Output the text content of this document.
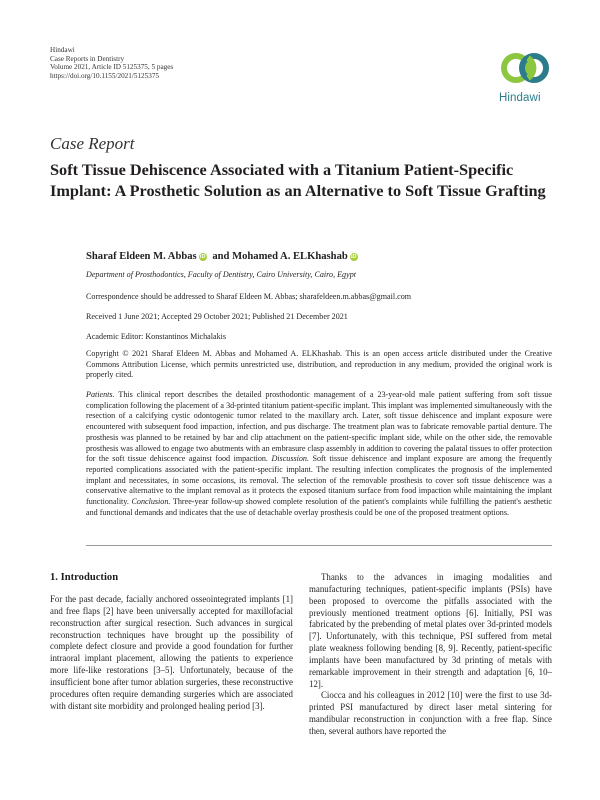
Hindawi
Case Reports in Dentistry
Volume 2021, Article ID 5125375, 5 pages
https://doi.org/10.1155/2021/5125375
Hindawi
Case Report
Soft Tissue Dehiscence Associated with a Titanium Patient-Specific Implant: A Prosthetic Solution as an Alternative to Soft Tissue Grafting
Sharaf Eldeen M. Abbas iD and Mohamed A. ELKhashab iD
Department of Prosthodontics, Faculty of Dentistry, Cairo University, Cairo, Egypt
Correspondence should be addressed to Sharaf Eldeen M. Abbas; sharafeldeen.m.abbas@gmail.com
Received 1 June 2021; Accepted 29 October 2021; Published 21 December 2021
Academic Editor: Konstantinos Michalakis
Copyright © 2021 Sharaf Eldeen M. Abbas and Mohamed A. ELKhashab. This is an open access article distributed under the Creative Commons Attribution License, which permits unrestricted use, distribution, and reproduction in any medium, provided the original work is properly cited.
Patients. This clinical report describes the detailed prosthodontic management of a 23-year-old male patient suffering from soft tissue complication following the placement of a 3d-printed titanium patient-specific implant. This implant was implemented simultaneously with the resection of a calcifying cystic odontogenic tumor related to the maxillary arch. Later, soft tissue dehiscence and implant exposure were encountered with subsequent food impaction, infection, and pus discharge. The treatment plan was to fabricate removable partial denture. The prosthesis was planned to be retained by bar and clip attachment on the patient-specific implant side, while on the other side, the removable prosthesis was allowed to engage two abutments with an embrasure clasp assembly in addition to covering the palatal tissues to offer protection for the soft tissue dehiscence against food impaction. Discussion. Soft tissue dehiscence and implant exposure are among the frequently reported complications associated with the patient-specific implant. The resulting infection complicates the prognosis of the implemented implant and necessitates, in some occasions, its removal. The selection of the removable prosthesis to cover soft tissue dehiscence was a conservative alternative to the implant removal as it protects the exposed titanium surface from food impaction while maintaining the implant functionality. Conclusion. Three-year follow-up showed complete resolution of the patient's complaints while fulfilling the patient's aesthetic and functional demands and indicates that the use of detachable overlay prosthesis could be one of the proposed treatment options.
1. Introduction

For the past decade, facially anchored osseointegrated implants [1] and free flaps [2] have been universally accepted for maxillofacial reconstruction after surgical resection. Such advances in surgical reconstruction techniques have brought up the possibility of complete defect closure and provide a good foundation for further intraoral implant placement, allowing the patients to experience more life-like restorations [3–5]. Unfortunately, because of the insufficient bone after tumor ablation surgeries, these reconstructive procedures often require demanding surgeries which are associated with distant site morbidity and prolonged healing period [3].

Thanks to the advances in imaging modalities and manufacturing techniques, patient-specific implants (PSIs) have been proposed to overcome the pitfalls associated with the previously mentioned treatment options [6]. Initially, PSI was fabricated by the prebending of metal plates over 3d-printed models [7]. Unfortunately, with this technique, PSI suffered from metal plate weakness following bending [8, 9]. Recently, patient-specific implants have been manufactured by 3d printing of metals with remarkable improvement in their strength and adaptation [6, 10–12].

Ciocca and his colleagues in 2012 [10] were the first to use 3d-printed PSI manufactured by direct laser metal sintering for mandibular reconstruction in conjunction with a free flap. Since then, several authors have reported the
